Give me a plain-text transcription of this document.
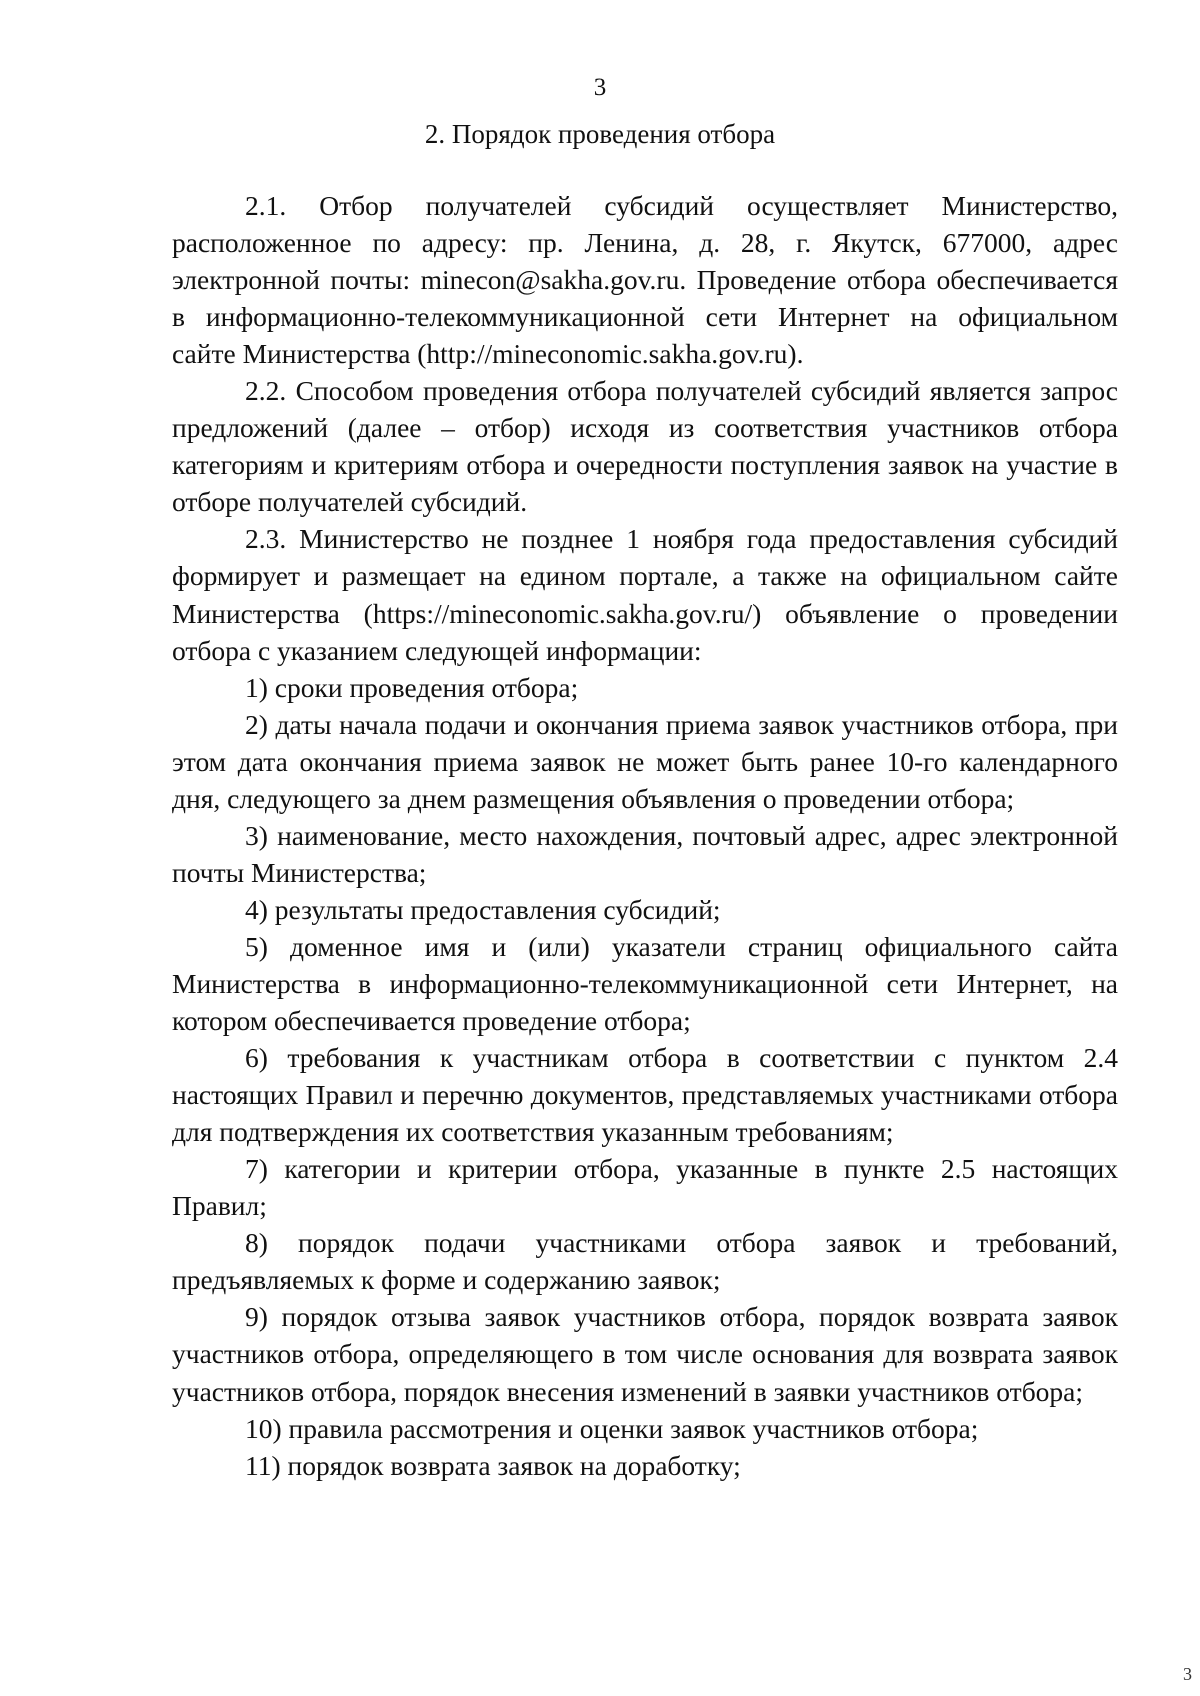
3
2. Порядок проведения отбора

2.1. Отбор получателей субсидий осуществляет Министерство, расположенное по адресу: пр. Ленина, д. 28, г. Якутск, 677000, адрес электронной почты: minecon@sakha.gov.ru. Проведение отбора обеспечивается в информационно-телекоммуникационной сети Интернет на официальном сайте Министерства (http://mineconomic.sakha.gov.ru).

2.2. Способом проведения отбора получателей субсидий является запрос предложений (далее – отбор) исходя из соответствия участников отбора категориям и критериям отбора и очередности поступления заявок на участие в отборе получателей субсидий.

2.3. Министерство не позднее 1 ноября года предоставления субсидий формирует и размещает на едином портале, а также на официальном сайте Министерства (https://mineconomic.sakha.gov.ru/) объявление о проведении отбора с указанием следующей информации:

1) сроки проведения отбора;

2) даты начала подачи и окончания приема заявок участников отбора, при этом дата окончания приема заявок не может быть ранее 10-го календарного дня, следующего за днем размещения объявления о проведении отбора;

3) наименование, место нахождения, почтовый адрес, адрес электронной почты Министерства;

4) результаты предоставления субсидий;

5) доменное имя и (или) указатели страниц официального сайта Министерства в информационно-телекоммуникационной сети Интернет, на котором обеспечивается проведение отбора;

6) требования к участникам отбора в соответствии с пунктом 2.4 настоящих Правил и перечню документов, представляемых участниками отбора для подтверждения их соответствия указанным требованиям;

7) категории и критерии отбора, указанные в пункте 2.5 настоящих Правил;

8) порядок подачи участниками отбора заявок и требований, предъявляемых к форме и содержанию заявок;

9) порядок отзыва заявок участников отбора, порядок возврата заявок участников отбора, определяющего в том числе основания для возврата заявок участников отбора, порядок внесения изменений в заявки участников отбора;

10) правила рассмотрения и оценки заявок участников отбора;

11) порядок возврата заявок на доработку;

3
